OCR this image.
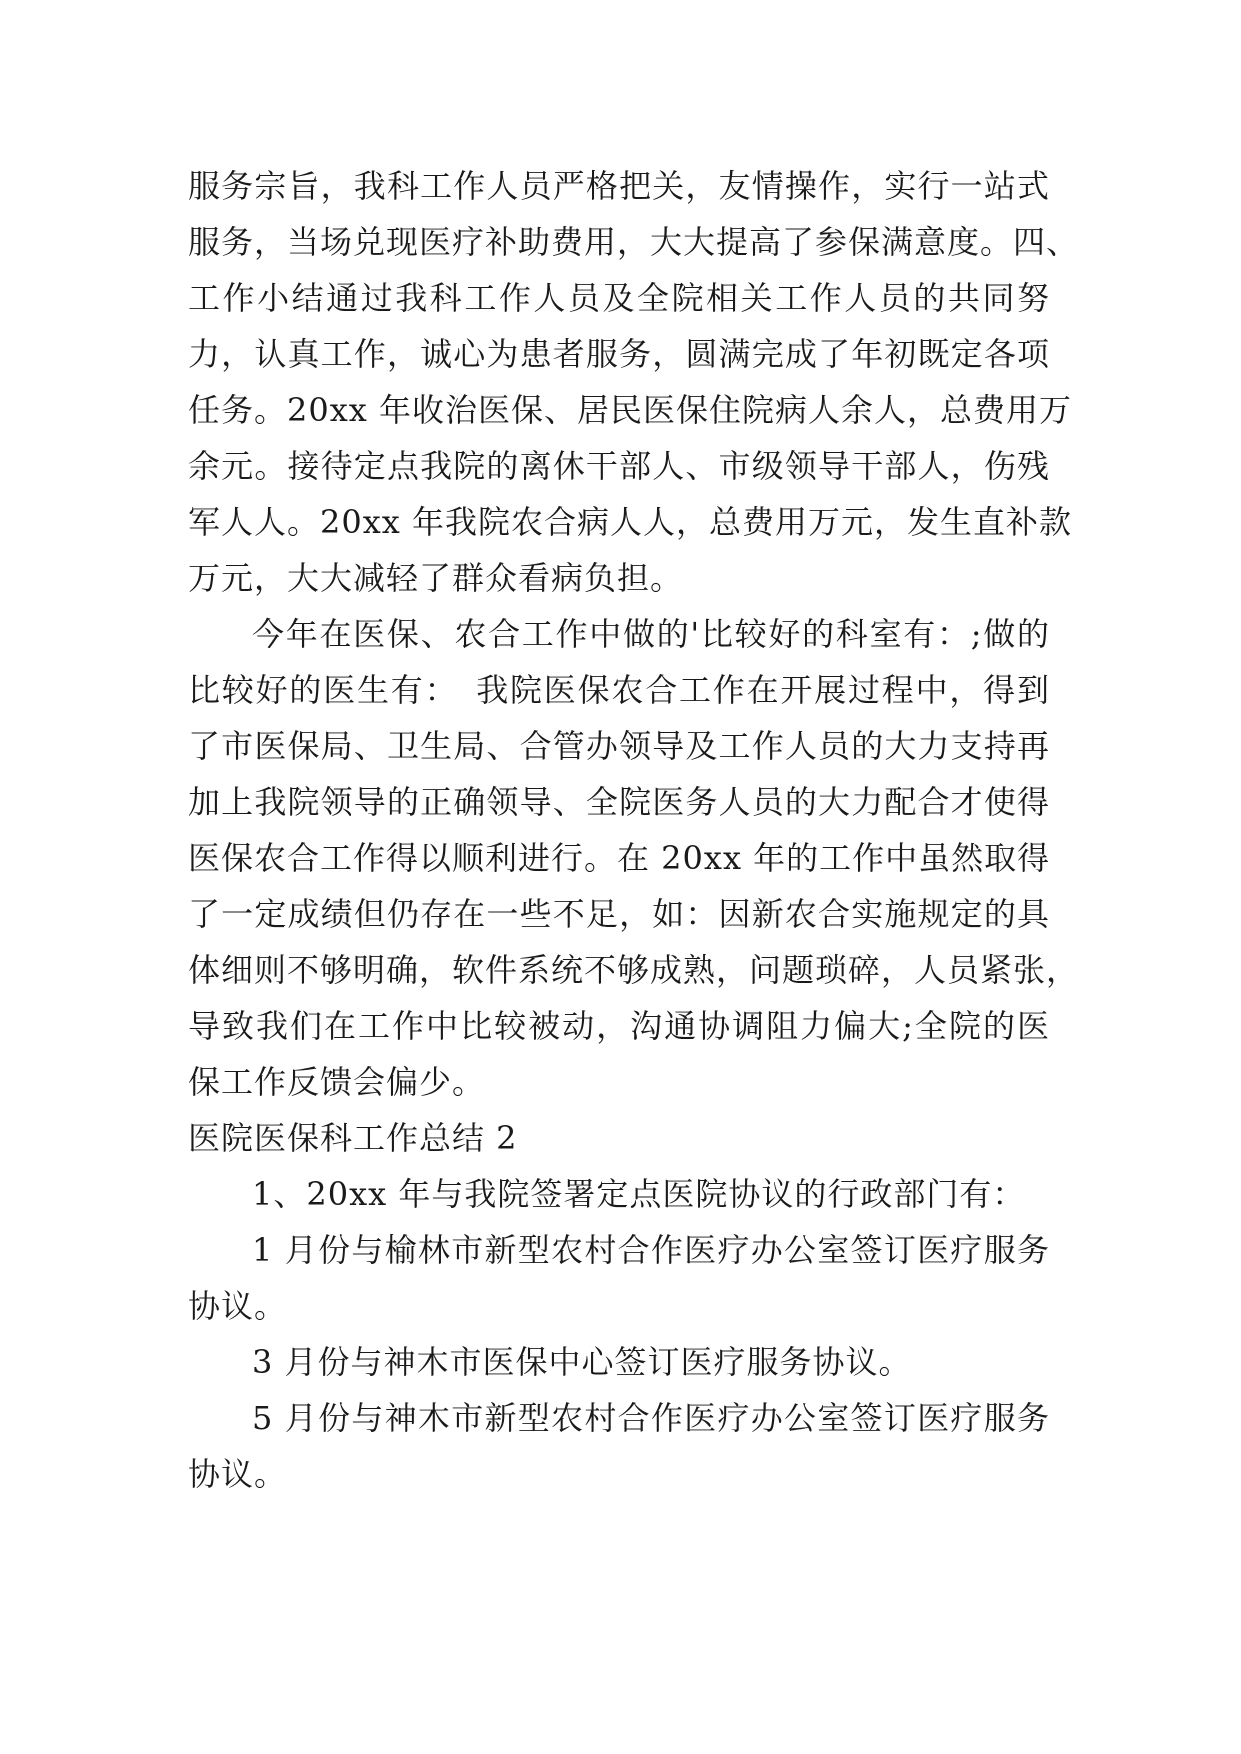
服务宗旨，我科工作人员严格把关，友情操作，实行一站式
服务，当场兑现医疗补助费用，大大提高了参保满意度。四、
工作小结通过我科工作人员及全院相关工作人员的共同努
力，认真工作，诚心为患者服务，圆满完成了年初既定各项
任务。20xx 年收治医保、居民医保住院病人余人，总费用万
余元。接待定点我院的离休干部人、市级领导干部人，伤残
军人人。20xx 年我院农合病人人，总费用万元，发生直补款
万元，大大减轻了群众看病负担。
今年在医保、农合工作中做的'比较好的科室有：;做的
比较好的医生有：　我院医保农合工作在开展过程中，得到
了市医保局、卫生局、合管办领导及工作人员的大力支持再
加上我院领导的正确领导、全院医务人员的大力配合才使得
医保农合工作得以顺利进行。在 20xx 年的工作中虽然取得
了一定成绩但仍存在一些不足，如：因新农合实施规定的具
体细则不够明确，软件系统不够成熟，问题琐碎，人员紧张，
导致我们在工作中比较被动，沟通协调阻力偏大;全院的医
保工作反馈会偏少。
医院医保科工作总结 2
1、20xx 年与我院签署定点医院协议的行政部门有：
1 月份与榆林市新型农村合作医疗办公室签订医疗服务
协议。
3 月份与神木市医保中心签订医疗服务协议。
5 月份与神木市新型农村合作医疗办公室签订医疗服务
协议。
